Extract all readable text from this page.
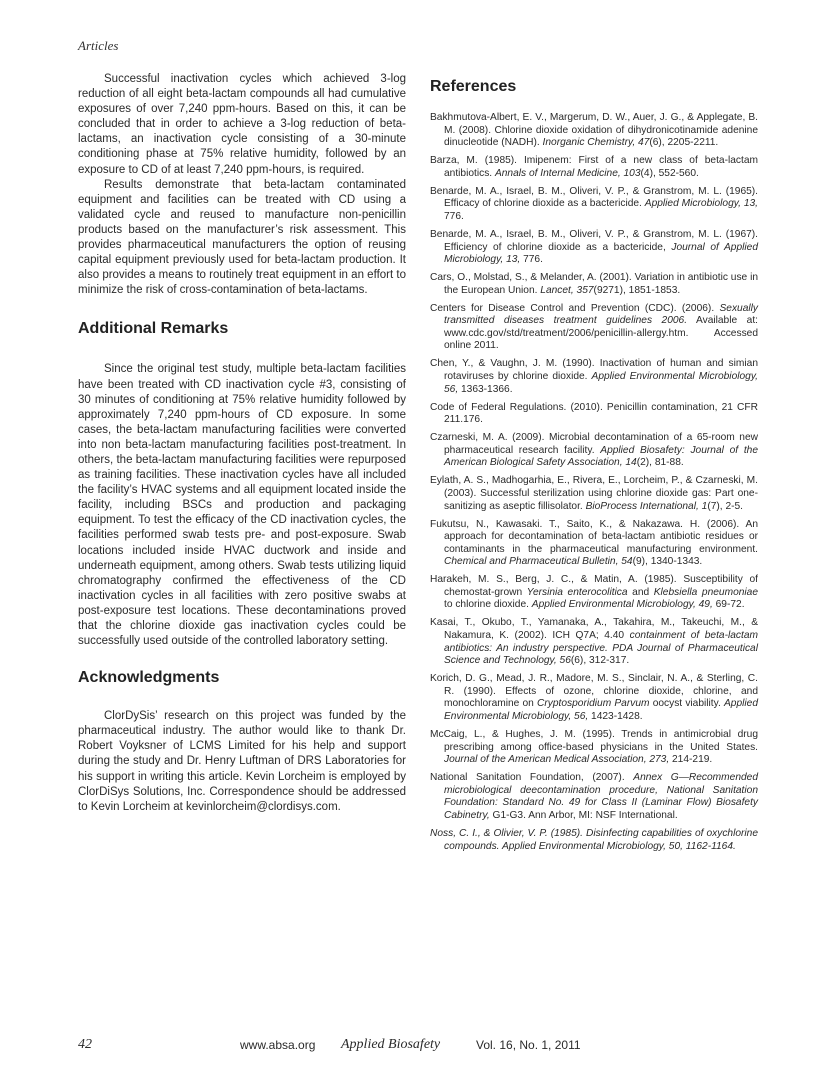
Articles

Successful inactivation cycles which achieved 3-log reduction of all eight beta-lactam compounds all had cumulative exposures of over 7,240 ppm-hours. Based on this, it can be concluded that in order to achieve a 3-log reduction of beta-lactams, an inactivation cycle consisting of a 30-minute conditioning phase at 75% relative humidity, followed by an exposure to CD of at least 7,240 ppm-hours, is required.

Results demonstrate that beta-lactam contaminated equipment and facilities can be treated with CD using a validated cycle and reused to manufacture non-penicillin products based on the manufacturer’s risk assessment. This provides pharmaceutical manufacturers the option of reusing capital equipment previously used for beta-lactam production. It also provides a means to routinely treat equipment in an effort to minimize the risk of cross-contamination of beta-lactams.

Additional Remarks

Since the original test study, multiple beta-lactam facilities have been treated with CD inactivation cycle #3, consisting of 30 minutes of conditioning at 75% relative humidity followed by approximately 7,240 ppm-hours of CD exposure. In some cases, the beta-lactam manufacturing facilities were converted into non beta-lactam manufacturing facilities post-treatment. In others, the beta-lactam manufacturing facilities were repurposed as training facilities. These inactivation cycles have all included the facility’s HVAC systems and all equipment located inside the facility, including BSCs and production and packaging equipment. To test the efficacy of the CD inactivation cycles, the facilities performed swab tests pre- and post-exposure. Swab locations included inside HVAC ductwork and inside and underneath equipment, among others. Swab tests utilizing liquid chromatography confirmed the effectiveness of the CD inactivation cycles in all facilities with zero positive swabs at post-exposure test locations. These decontaminations proved that the chlorine dioxide gas inactivation cycles could be successfully used outside of the controlled laboratory setting.

Acknowledgments

ClorDySis’ research on this project was funded by the pharmaceutical industry. The author would like to thank Dr. Robert Voyksner of LCMS Limited for his help and support during the study and Dr. Henry Luftman of DRS Laboratories for his support in writing this article. Kevin Lorcheim is employed by ClorDiSys Solutions, Inc. Correspondence should be addressed to Kevin Lorcheim at kevinlorcheim@clordisys.com.

References

Bakhmutova-Albert, E. V., Margerum, D. W., Auer, J. G., & Applegate, B. M. (2008). Chlorine dioxide oxidation of dihydronicotinamide adenine dinucleotide (NADH). Inorganic Chemistry, 47(6), 2205-2211.

Barza, M. (1985). Imipenem: First of a new class of beta-lactam antibiotics. Annals of Internal Medicine, 103(4), 552-560.

Benarde, M. A., Israel, B. M., Oliveri, V. P., & Granstrom, M. L. (1965). Efficacy of chlorine dioxide as a bactericide. Applied Microbiology, 13, 776.

Benarde, M. A., Israel, B. M., Oliveri, V. P., & Granstrom, M. L. (1967). Efficiency of chlorine dioxide as a bactericide, Journal of Applied Microbiology, 13, 776.

Cars, O., Molstad, S., & Melander, A. (2001). Variation in antibiotic use in the European Union. Lancet, 357(9271), 1851-1853.

Centers for Disease Control and Prevention (CDC). (2006). Sexually transmitted diseases treatment guidelines 2006. Available at: www.cdc.gov/std/treatment/2006/penicillin-allergy.htm. Accessed online 2011.

Chen, Y., & Vaughn, J. M. (1990). Inactivation of human and simian rotaviruses by chlorine dioxide. Applied Environmental Microbiology, 56, 1363-1366.

Code of Federal Regulations. (2010). Penicillin contamination, 21 CFR 211.176.

Czarneski, M. A. (2009). Microbial decontamination of a 65-room new pharmaceutical research facility. Applied Biosafety: Journal of the American Biological Safety Association, 14(2), 81-88.

Eylath, A. S., Madhogarhia, E., Rivera, E., Lorcheim, P., & Czarneski, M. (2003). Successful sterilization using chlorine dioxide gas: Part one-sanitizing as aseptic fillisolator. BioProcess International, 1(7), 2-5.

Fukutsu, N., Kawasaki. T., Saito, K., & Nakazawa. H. (2006). An approach for decontamination of beta-lactam antibiotic residues or contaminants in the pharmaceutical manufacturing environment. Chemical and Pharmaceutical Bulletin, 54(9), 1340-1343.

Harakeh, M. S., Berg, J. C., & Matin, A. (1985). Susceptibility of chemostat-grown Yersinia enterocolitica and Klebsiella pneumoniae to chlorine dioxide. Applied Environmental Microbiology, 49, 69-72.

Kasai, T., Okubo, T., Yamanaka, A., Takahira, M., Takeuchi, M., & Nakamura, K. (2002). ICH Q7A; 4.40 containment of beta-lactam antibiotics: An industry perspective. PDA Journal of Pharmaceutical Science and Technology, 56(6), 312-317.

Korich, D. G., Mead, J. R., Madore, M. S., Sinclair, N. A., & Sterling, C. R. (1990). Effects of ozone, chlorine dioxide, chlorine, and monochloramine on Cryptosporidium Parvum oocyst viability. Applied Environmental Microbiology, 56, 1423-1428.

McCaig, L., & Hughes, J. M. (1995). Trends in antimicrobial drug prescribing among office-based physicians in the United States. Journal of the American Medical Association, 273, 214-219.

National Sanitation Foundation, (2007). Annex G—Recommended microbiological deecontamination procedure, National Sanitation Foundation: Standard No. 49 for Class II (Laminar Flow) Biosafety Cabinetry, G1-G3. Ann Arbor, MI: NSF International.

Noss, C. I., & Olivier, V. P. (1985). Disinfecting capabilities of oxychlorine compounds. Applied Environmental Microbiology, 50, 1162-1164.

42	www.absa.org Applied Biosafety	Vol. 16, No. 1, 2011
